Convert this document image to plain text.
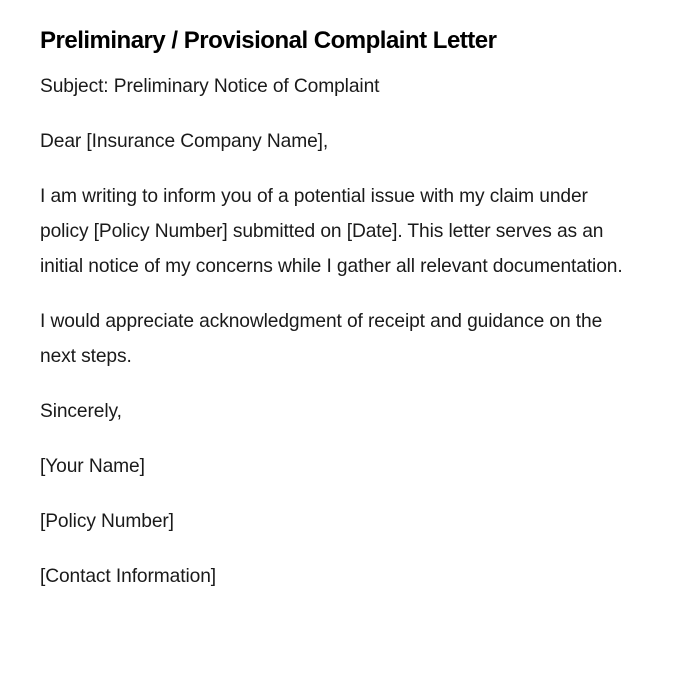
Preliminary / Provisional Complaint Letter

Subject: Preliminary Notice of Complaint

Dear [Insurance Company Name],

I am writing to inform you of a potential issue with my claim under policy [Policy Number] submitted on [Date]. This letter serves as an initial notice of my concerns while I gather all relevant documentation.

I would appreciate acknowledgment of receipt and guidance on the next steps.

Sincerely,

[Your Name]

[Policy Number]

[Contact Information]
